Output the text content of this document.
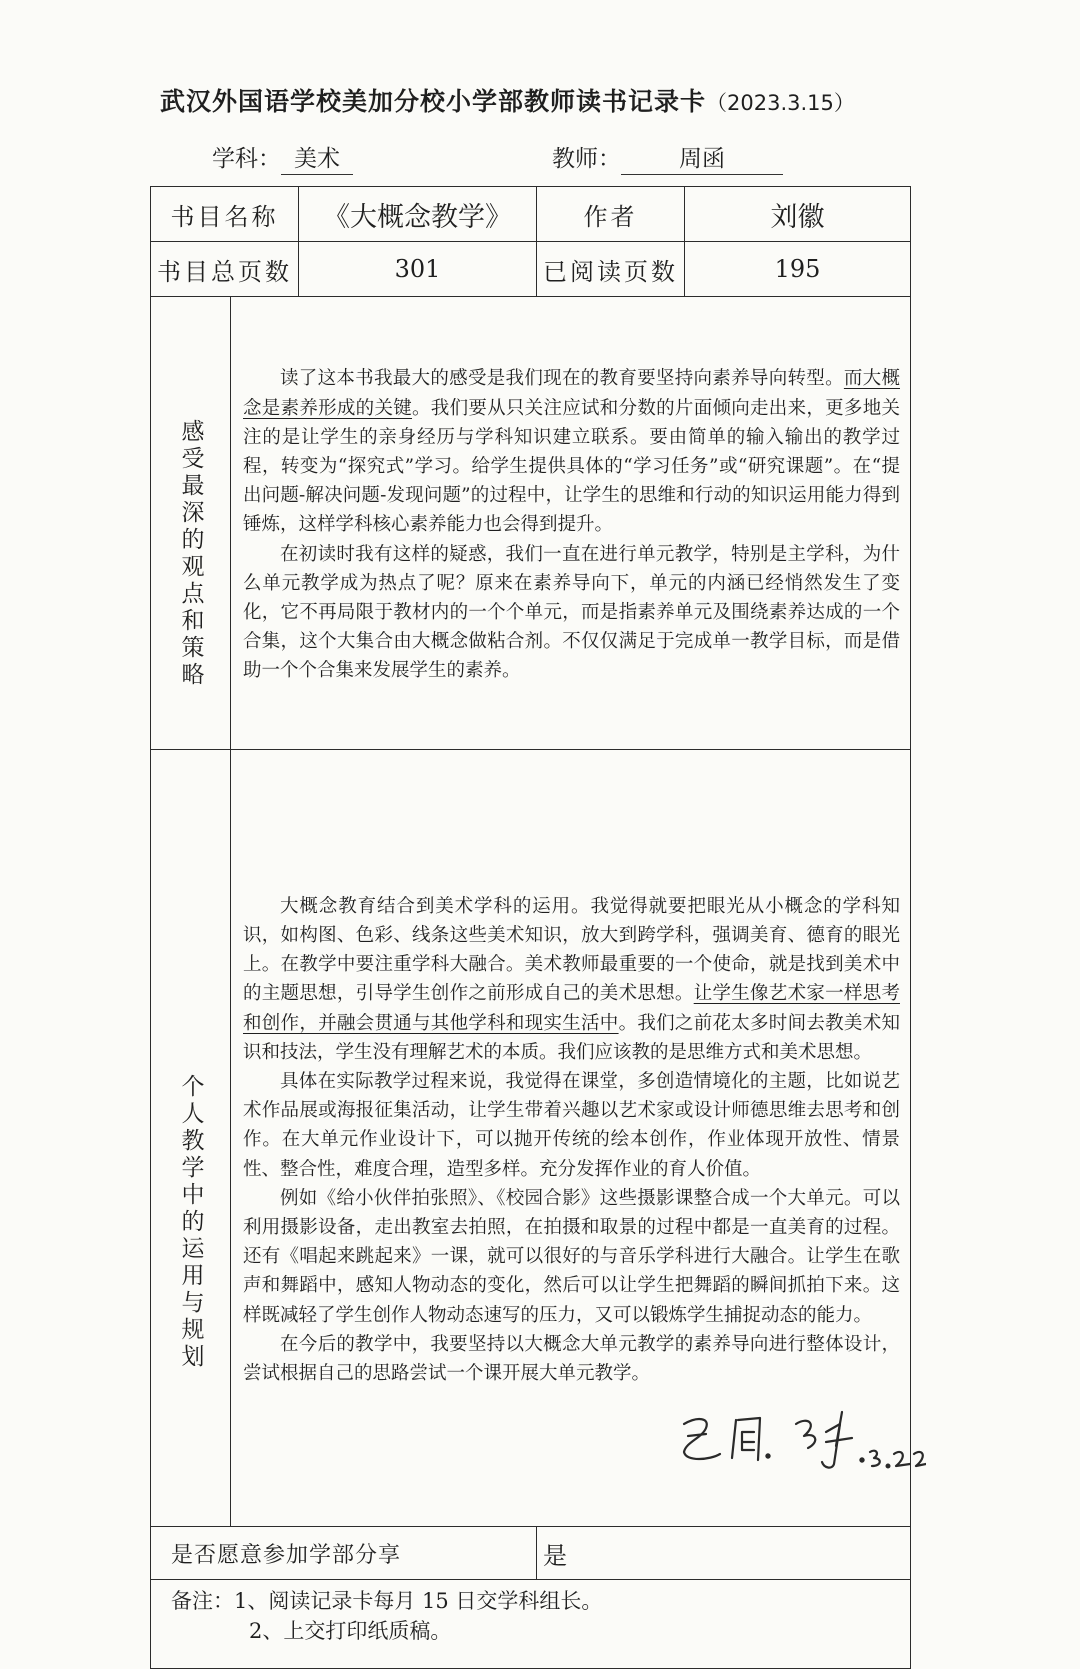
武汉外国语学校美加分校小学部教师读书记录卡（2023.3.15）
学科： 美术	教师：	周函
书目名称		《大概念教学》	作者	刘徽
书目总页数		301	已阅读页数	195

感受最深的观点和策略	读了这本书我最大的感受是我们现在的教育要坚持向素养导向转型。而大概念是素养形成的关键。我们要从只关注应试和分数的片面倾向走出来，更多地关注的是让学生的亲身经历与学科知识建立联系。要由简单的输入输出的教学过程，转变为“探究式”学习。给学生提供具体的“学习任务”或“研究课题”。在“提出问题-解决问题-发现问题”的过程中，让学生的思维和行动的知识运用能力得到锤炼，这样学科核心素养能力也会得到提升。

在初读时我有这样的疑惑，我们一直在进行单元教学，特别是主学科，为什么单元教学成为热点了呢？原来在素养导向下，单元的内涵已经悄然发生了变化，它不再局限于教材内的一个个单元，而是指素养单元及围绕素养达成的一个合集，这个大集合由大概念做粘合剂。不仅仅满足于完成单一教学目标，而是借助一个个合集来发展学生的素养。			

个人教学中的运用与规划	大概念教育结合到美术学科的运用。我觉得就要把眼光从小概念的学科知识，如构图、色彩、线条这些美术知识，放大到跨学科，强调美育、德育的眼光上。在教学中要注重学科大融合。美术教师最重要的一个使命，就是找到美术中的主题思想，引导学生创作之前形成自己的美术思想。让学生像艺术家一样思考和创作，并融会贯通与其他学科和现实生活中。我们之前花太多时间去教美术知识和技法，学生没有理解艺术的本质。我们应该教的是思维方式和美术思想。

具体在实际教学过程来说，我觉得在课堂，多创造情境化的主题，比如说艺术作品展或海报征集活动，让学生带着兴趣以艺术家或设计师德思维去思考和创作。在大单元作业设计下，可以抛开传统的绘本创作，作业体现开放性、情景性、整合性，难度合理，造型多样。充分发挥作业的育人价值。

例如《给小伙伴拍张照》、《校园合影》这些摄影课整合成一个大单元。可以利用摄影设备，走出教室去拍照，在拍摄和取景的过程中都是一直美育的过程。还有《唱起来跳起来》一课，就可以很好的与音乐学科进行大融合。让学生在歌声和舞蹈中，感知人物动态的变化，然后可以让学生把舞蹈的瞬间抓拍下来。这样既减轻了学生创作人物动态速写的压力，又可以锻炼学生捕捉动态的能力。

在今后的教学中，我要坚持以大概念大单元教学的素养导向进行整体设计，尝试根据自己的思路尝试一个课开展大单元教学。			

是否愿意参加学部分享			是	

备注：1、阅读记录卡每月 15 日交学科组长。
2、上交打印纸质稿。				
